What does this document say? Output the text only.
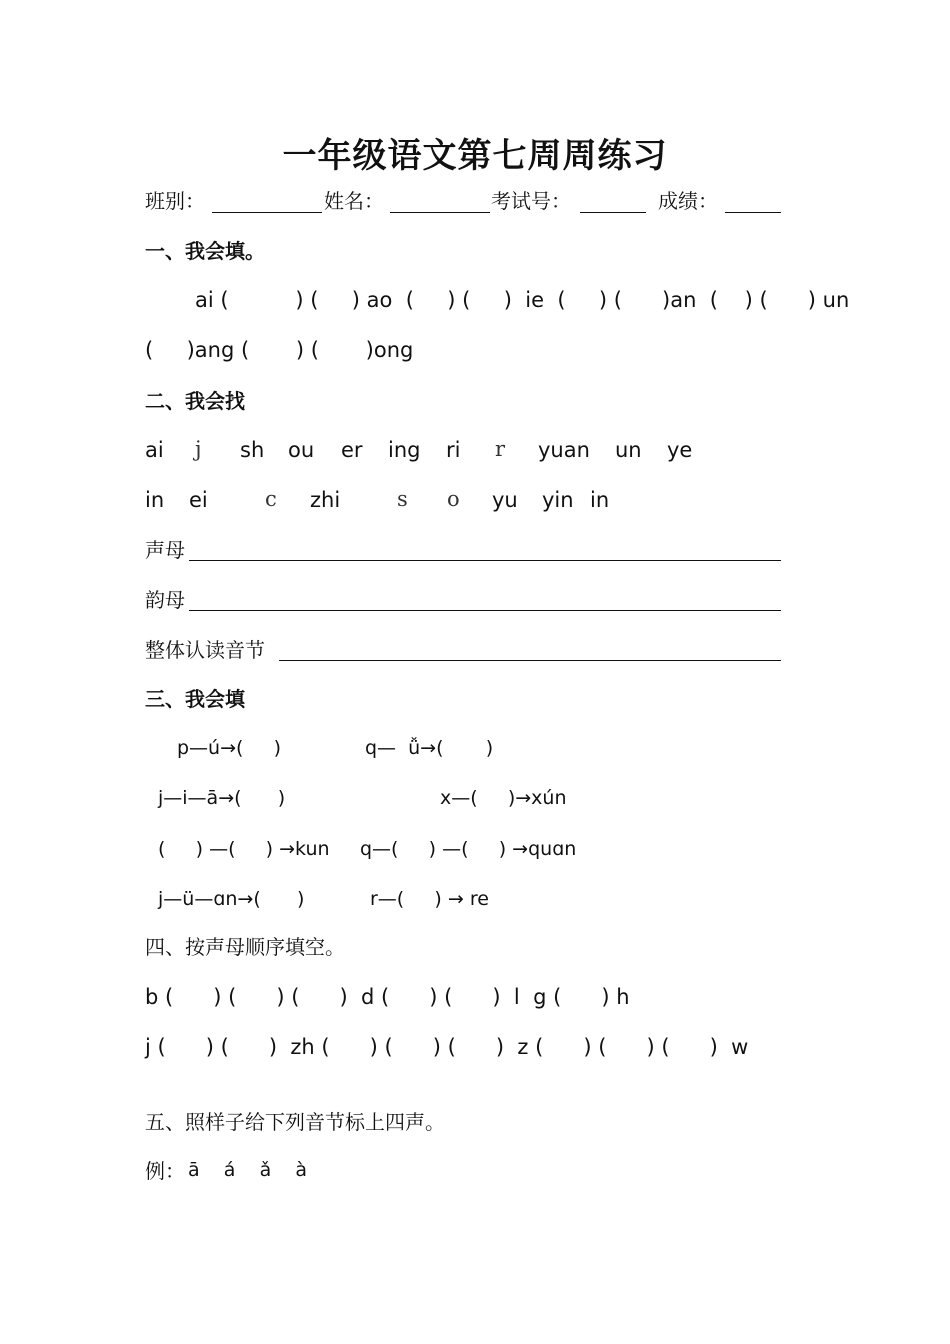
一年级语文第七周周练习
班别：	姓名：	考试号：	成绩：
一、我会填。
ai (          ) (     ) ao  (     ) (     )  ie  (     ) (      )an  (    ) (      ) un
(     )ang (       ) (       )ong
二、我会找
ai j sh ou er ing ri r yuan un ye
in ei	c zhi	s o yu yin in
声母
韵母
整体认读音节
三、我会填
p—ú→(     )	q—  ǚ→(       )
j—i—ā→(      )	x—(     )→xún
(     ) —(     ) →kun q—(     ) —(     ) →quɑn
j—ü—ɑn→(      )	r—(     ) → re
四、按声母顺序填空。
b (      ) (      ) (      )  d (      ) (      )  l  g (      ) h
j (      ) (      )  zh (      ) (      ) (      )  z (      ) (      ) (      )  w
五、照样子给下列音节标上四声。
例： ā    á    ǎ    à
